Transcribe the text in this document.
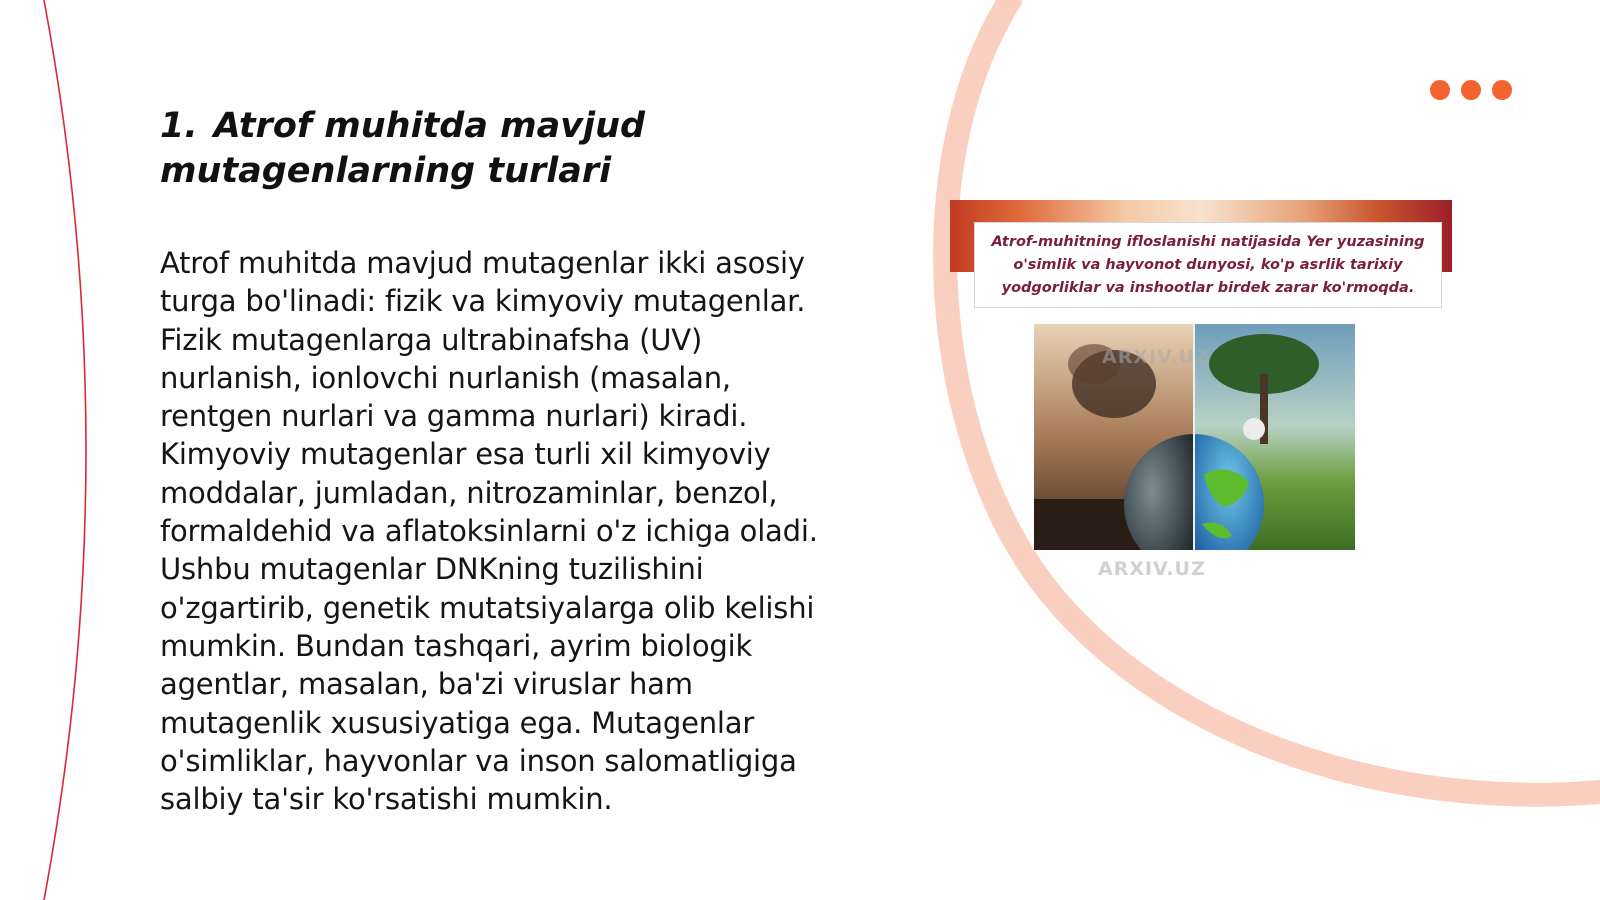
1. Atrof muhitda mavjud mutagenlarning turlari

Atrof muhitda mavjud mutagenlar ikki asosiy turga bo'linadi: fizik va kimyoviy mutagenlar. Fizik mutagenlarga ultrabinafsha (UV) nurlanish, ionlovchi nurlanish (masalan, rentgen nurlari va gamma nurlari) kiradi. Kimyoviy mutagenlar esa turli xil kimyoviy moddalar, jumladan, nitrozaminlar, benzol, formaldehid va aflatoksinlarni o'z ichiga oladi. Ushbu mutagenlar DNKning tuzilishini o'zgartirib, genetik mutatsiyalarga olib kelishi mumkin. Bundan tashqari, ayrim biologik agentlar, masalan, ba'zi viruslar ham mutagenlik xususiyatiga ega. Mutagenlar o'simliklar, hayvonlar va inson salomatligiga salbiy ta'sir ko'rsatishi mumkin.

Atrof-muhitning ifloslanishi natijasida Yer yuzasining o'simlik va hayvonot dunyosi, ko'p asrlik tarixiy yodgorliklar va inshootlar birdek zarar ko'rmoqda.
ARXIV.UZ
ARXIV.UZ
